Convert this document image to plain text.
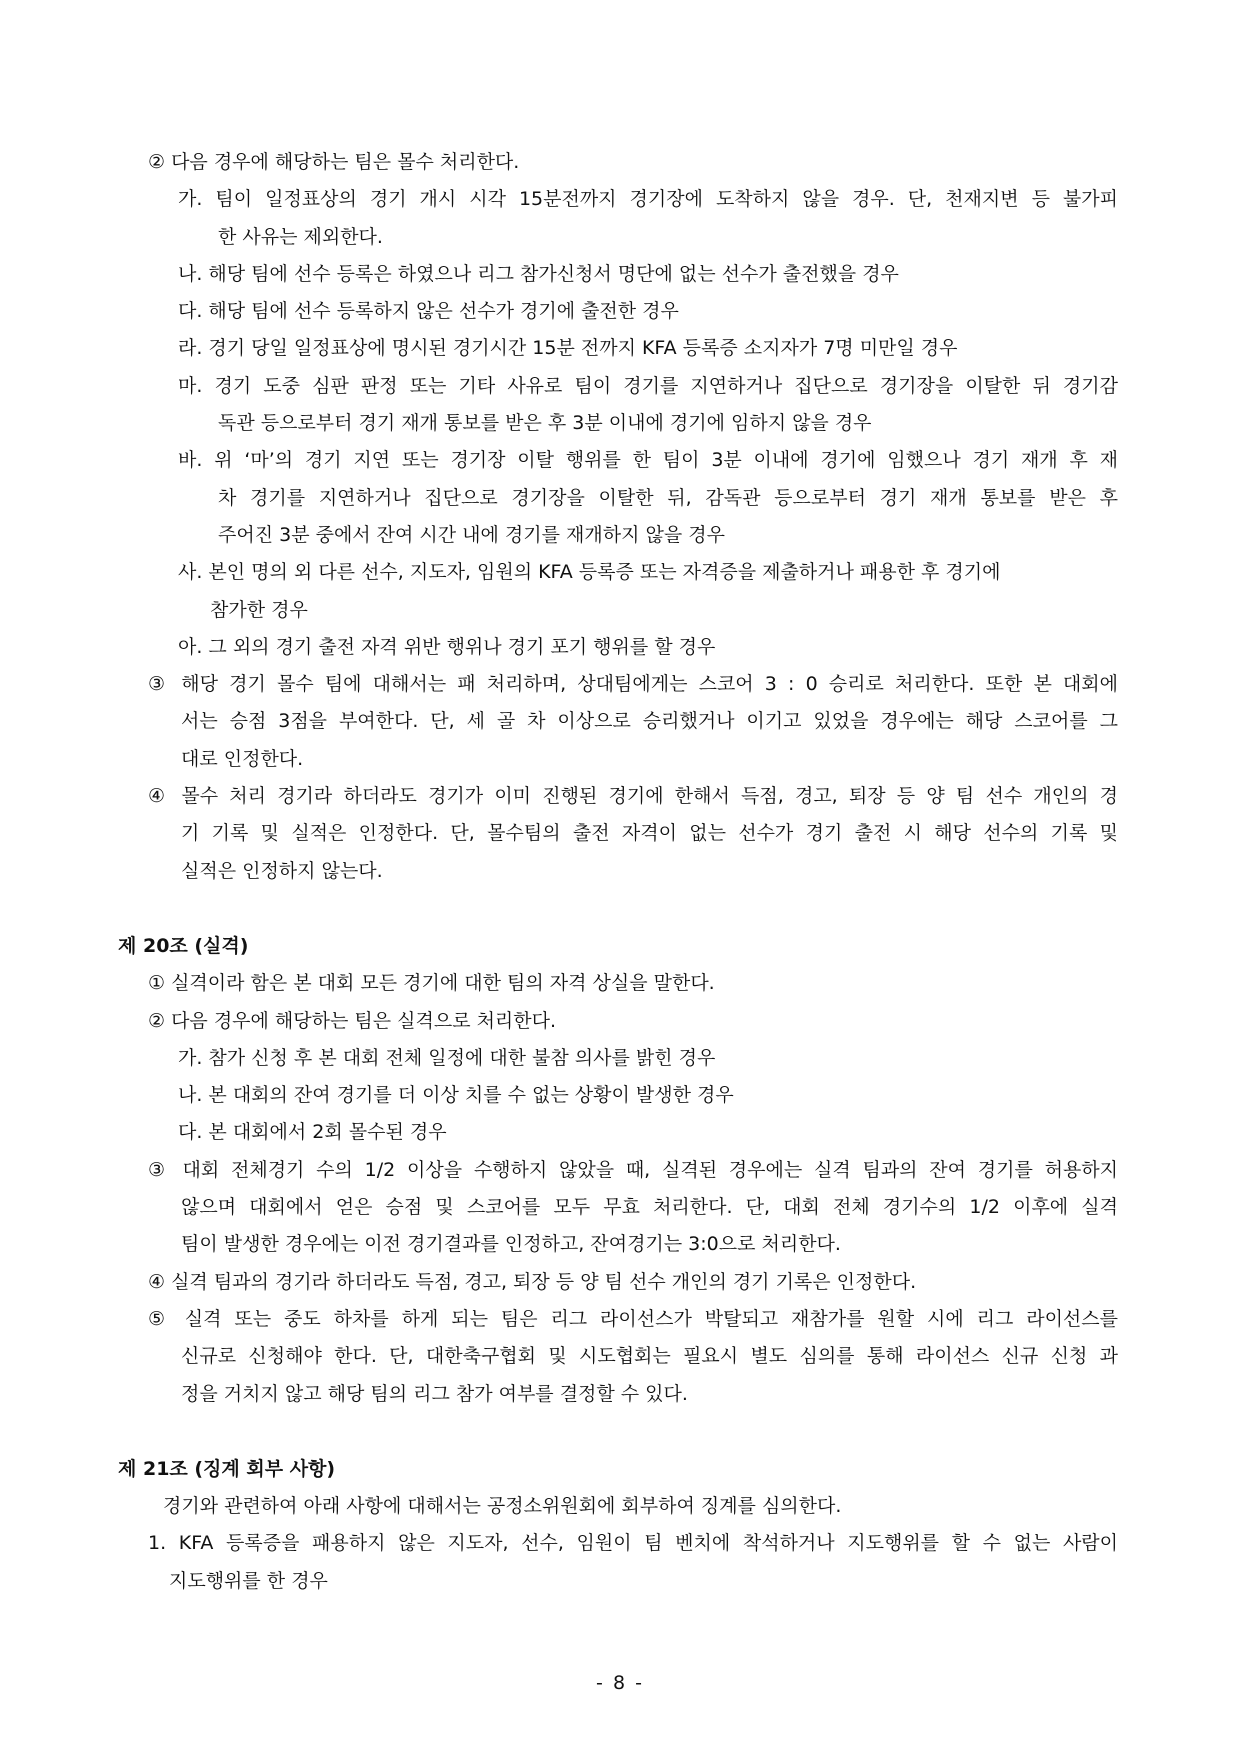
② 다음 경우에 해당하는 팀은 몰수 처리한다.
가. 팀이 일정표상의 경기 개시 시각 15분전까지 경기장에 도착하지 않을 경우. 단, 천재지변 등 불가피
한 사유는 제외한다.
나. 해당 팀에 선수 등록은 하였으나 리그 참가신청서 명단에 없는 선수가 출전했을 경우
다. 해당 팀에 선수 등록하지 않은 선수가 경기에 출전한 경우
라. 경기 당일 일정표상에 명시된 경기시간 15분 전까지 KFA 등록증 소지자가 7명 미만일 경우
마. 경기 도중 심판 판정 또는 기타 사유로 팀이 경기를 지연하거나 집단으로 경기장을 이탈한 뒤 경기감
독관 등으로부터 경기 재개 통보를 받은 후 3분 이내에 경기에 임하지 않을 경우
바. 위 ‘마’의 경기 지연 또는 경기장 이탈 행위를 한 팀이 3분 이내에 경기에 임했으나 경기 재개 후 재
차 경기를 지연하거나 집단으로 경기장을 이탈한 뒤, 감독관 등으로부터 경기 재개 통보를 받은 후
주어진 3분 중에서 잔여 시간 내에 경기를 재개하지 않을 경우
사. 본인 명의 외 다른 선수, 지도자, 임원의 KFA 등록증 또는 자격증을 제출하거나 패용한 후 경기에
참가한 경우
아. 그 외의 경기 출전 자격 위반 행위나 경기 포기 행위를 할 경우
③ 해당 경기 몰수 팀에 대해서는 패 처리하며, 상대팀에게는 스코어 3 : 0 승리로 처리한다. 또한 본 대회에
서는 승점 3점을 부여한다. 단, 세 골 차 이상으로 승리했거나 이기고 있었을 경우에는 해당 스코어를 그
대로 인정한다.
④ 몰수 처리 경기라 하더라도 경기가 이미 진행된 경기에 한해서 득점, 경고, 퇴장 등 양 팀 선수 개인의 경
기 기록 및 실적은 인정한다. 단, 몰수팀의 출전 자격이 없는 선수가 경기 출전 시 해당 선수의 기록 및
실적은 인정하지 않는다.
제 20조 (실격)
① 실격이라 함은 본 대회 모든 경기에 대한 팀의 자격 상실을 말한다.
② 다음 경우에 해당하는 팀은 실격으로 처리한다.
가. 참가 신청 후 본 대회 전체 일정에 대한 불참 의사를 밝힌 경우
나. 본 대회의 잔여 경기를 더 이상 치를 수 없는 상황이 발생한 경우
다. 본 대회에서 2회 몰수된 경우
③ 대회 전체경기 수의 1/2 이상을 수행하지 않았을 때, 실격된 경우에는 실격 팀과의 잔여 경기를 허용하지
않으며 대회에서 얻은 승점 및 스코어를 모두 무효 처리한다. 단, 대회 전체 경기수의 1/2 이후에 실격
팀이 발생한 경우에는 이전 경기결과를 인정하고, 잔여경기는 3:0으로 처리한다.
④ 실격 팀과의 경기라 하더라도 득점, 경고, 퇴장 등 양 팀 선수 개인의 경기 기록은 인정한다.
⑤ 실격 또는 중도 하차를 하게 되는 팀은 리그 라이선스가 박탈되고 재참가를 원할 시에 리그 라이선스를
신규로 신청해야 한다. 단, 대한축구협회 및 시도협회는 필요시 별도 심의를 통해 라이선스 신규 신청 과
정을 거치지 않고 해당 팀의 리그 참가 여부를 결정할 수 있다.
제 21조 (징계 회부 사항)
경기와 관련하여 아래 사항에 대해서는 공정소위원회에 회부하여 징계를 심의한다.
1. KFA 등록증을 패용하지 않은 지도자, 선수, 임원이 팀 벤치에 착석하거나 지도행위를 할 수 없는 사람이
지도행위를 한 경우
- 8 -
